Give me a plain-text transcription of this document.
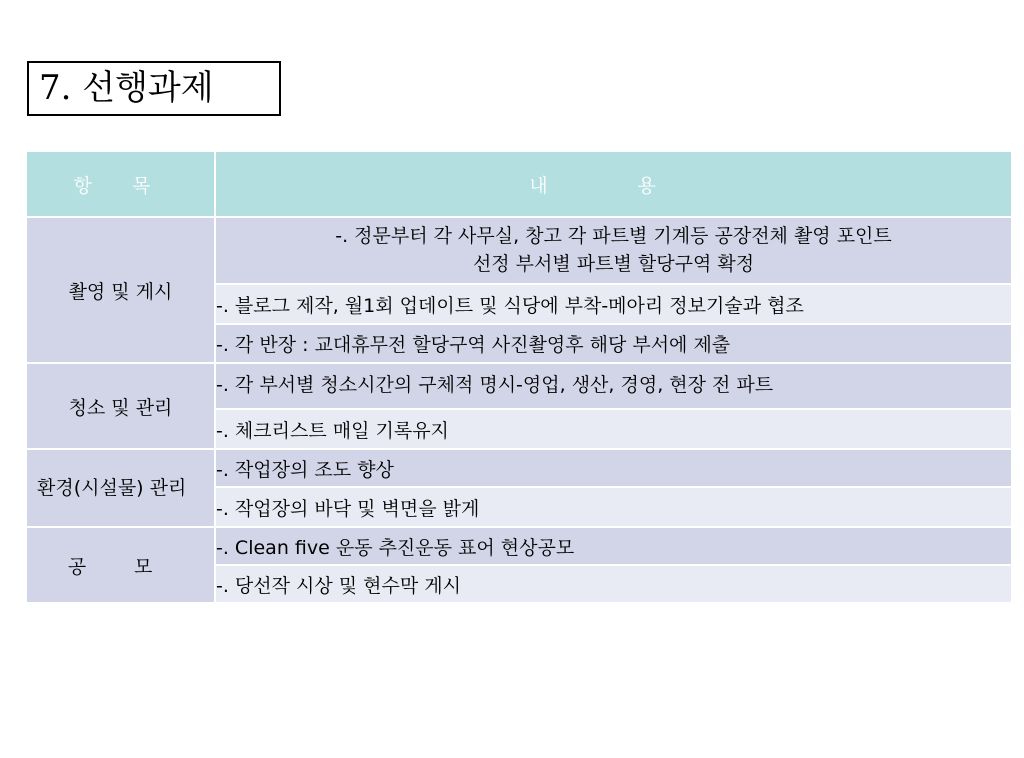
7. 선행과제
항 목	내 용
촬영 및 게시	-. 정문부터 각 사무실, 창고 각 파트별 기계등 공장전체 촬영 포인트
선정 부서별 파트별 할당구역 확정

	-. 블로그 제작, 월1회 업데이트 및 식당에 부착-메아리 정보기술과 협조
	-. 각 반장 : 교대휴무전 할당구역 사진촬영후 해당 부서에 제출
청소 및 관리	-. 각 부서별 청소시간의 구체적 명시-영업, 생산, 경영, 현장 전 파트
	-. 체크리스트 매일 기록유지
환경(시설물) 관리	-. 작업장의 조도 향상
	-. 작업장의 바닥 및 벽면을 밝게
공 모	-. Clean five 운동 추진운동 표어 현상공모
	-. 당선작 시상 및 현수막 게시
